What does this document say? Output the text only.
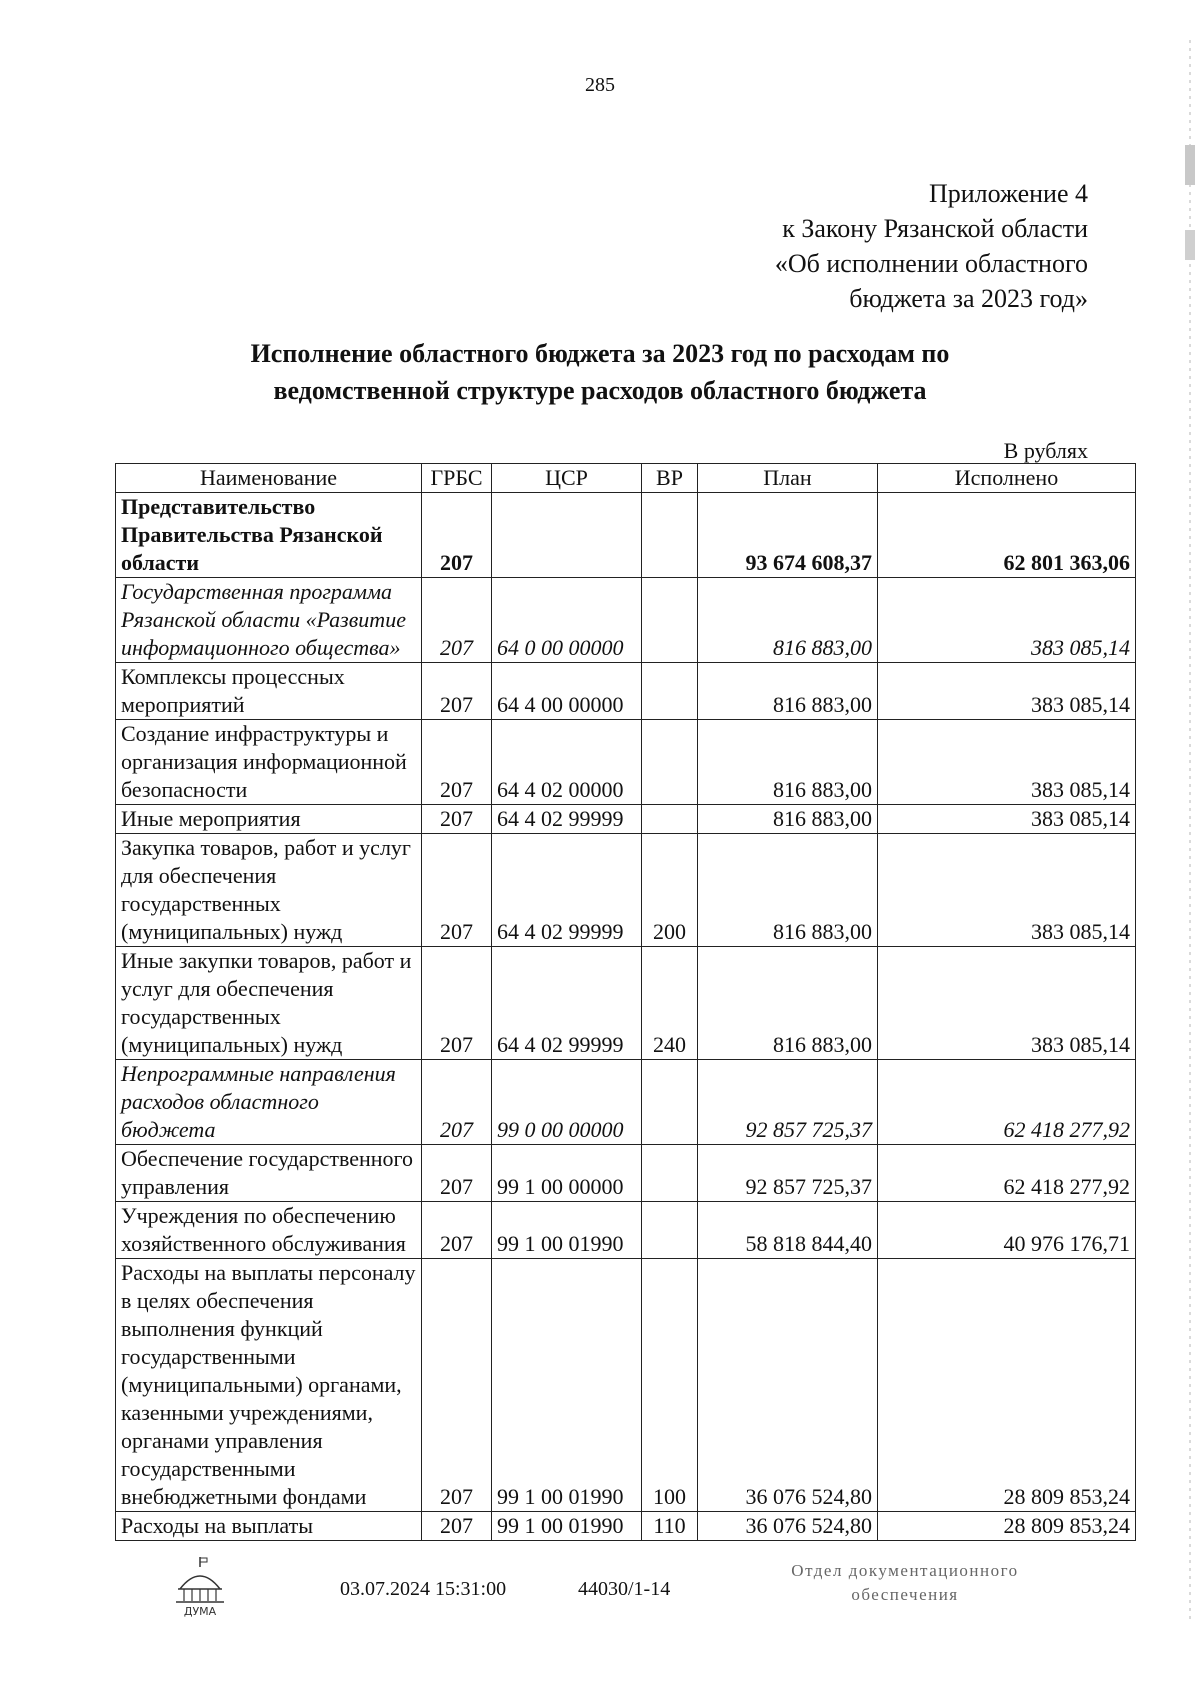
285
Приложение 4
к Закону Рязанской области
«Об исполнении областного
бюджета за 2023 год»
Исполнение областного бюджета за 2023 год по расходам по
ведомственной структуре расходов областного бюджета
В рублях
Наименование	ГРБС	ЦСР	ВР	План	Исполнено
Представительство Правительства Рязанской области	207			93 674 608,37	62 801 363,06
Государственная программа Рязанской области «Развитие информационного общества»	207	64 0 00 00000		816 883,00	383 085,14
Комплексы процессных мероприятий	207	64 4 00 00000		816 883,00	383 085,14
Создание инфраструктуры и организация информационной безопасности	207	64 4 02 00000		816 883,00	383 085,14
Иные мероприятия	207	64 4 02 99999		816 883,00	383 085,14
Закупка товаров, работ и услуг для обеспечения государственных (муниципальных) нужд	207	64 4 02 99999	200	816 883,00	383 085,14
Иные закупки товаров, работ и услуг для обеспечения государственных (муниципальных) нужд	207	64 4 02 99999	240	816 883,00	383 085,14
Непрограммные направления расходов областного бюджета	207	99 0 00 00000		92 857 725,37	62 418 277,92
Обеспечение государственного управления	207	99 1 00 00000		92 857 725,37	62 418 277,92
Учреждения по обеспечению хозяйственного обслуживания	207	99 1 00 01990		58 818 844,40	40 976 176,71
Расходы на выплаты персоналу в целях обеспечения выполнения функций государственными (муниципальными) органами, казенными учреждениями, органами управления государственными внебюджетными фондами	207	99 1 00 01990	100	36 076 524,80	28 809 853,24
Расходы на выплаты	207	99 1 00 01990	110	36 076 524,80	28 809 853,24
ДУМА
03.07.2024 15:31:00	44030/1-14
Отдел документационного
обеспечения
